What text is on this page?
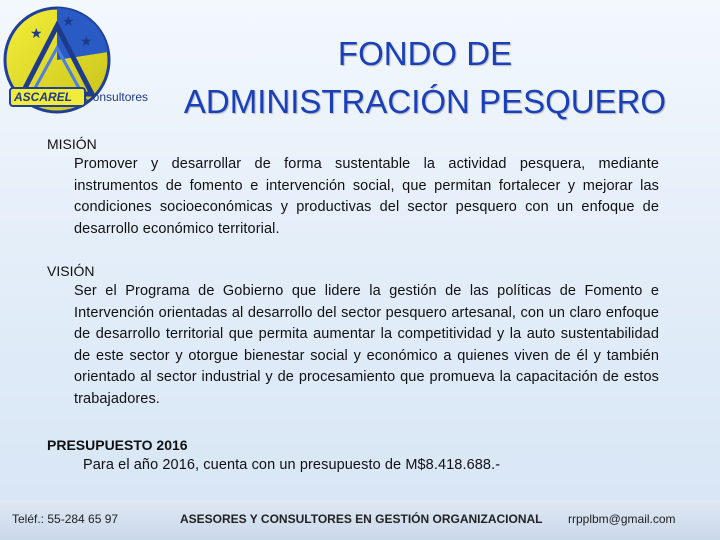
★
★
★
ASCAREL Consultores
FONDO DE
ADMINISTRACIÓN PESQUERO
MISIÓN

Promover y desarrollar de forma sustentable la actividad pesquera, mediante instrumentos de fomento e intervención social, que permitan fortalecer y mejorar las condiciones socioeconómicas y productivas del sector pesquero con un enfoque de desarrollo económico territorial.

VISIÓN

Ser el Programa de Gobierno que lidere la gestión de las políticas de Fomento e Intervención orientadas al desarrollo del sector pesquero artesanal, con un claro enfoque de desarrollo territorial que permita aumentar la competitividad y la auto sustentabilidad de este sector y otorgue bienestar social y económico a quienes viven de él y también orientado al sector industrial y de procesamiento que promueva la capacitación de estos trabajadores.

PRESUPUESTO 2016

Para el año 2016, cuenta con un presupuesto de M$8.418.688.-

Teléf.: 55-284 65 97	ASESORES Y CONSULTORES EN GESTIÓN ORGANIZACIONAL rrpplbm@gmail.com
